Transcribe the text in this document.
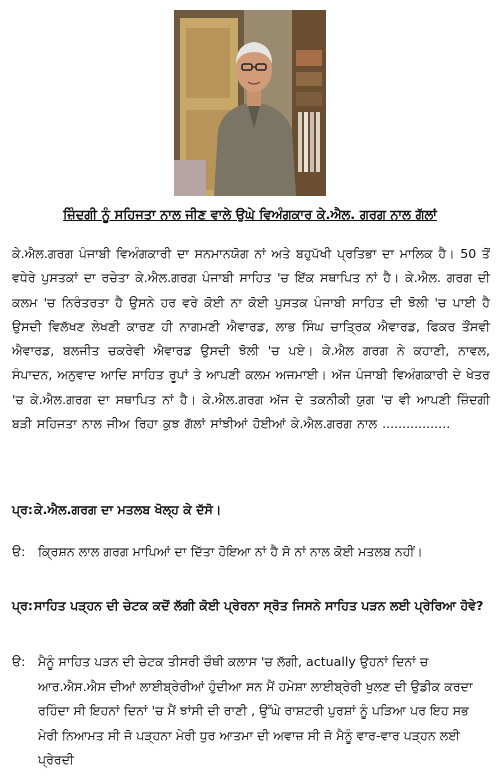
ਜ਼ਿੰਦਗੀ ਨੂੰ ਸਹਿਜਤਾ ਨਾਲ ਜੀਣ ਵਾਲੇ ਉਘੇ ਵਿਅੰਗਕਾਰ ਕੇ.ਐਲ. ਗਰਗ ਨਾਲ ਗੱਲਾਂ
ਕੇ.ਐਲ.ਗਰਗ ਪੰਜਾਬੀ ਵਿਅੰਗਕਾਰੀ ਦਾ ਸਨਮਾਨਯੋਗ ਨਾਂ ਅਤੇ ਬਹੁਪੱਖੀ ਪ੍ਰਤਿਭਾ ਦਾ ਮਾਲਿਕ ਹੈ। 50 ਤੋਂ ਵਧੇਰੇ ਪੁਸਤਕਾਂ ਦਾ ਰਚੇਤਾ ਕੇ.ਐਲ.ਗਰਗ ਪੰਜਾਬੀ ਸਾਹਿਤ 'ਚ ਇੱਕ ਸਥਾਪਿਤ ਨਾਂ ਹੈ। ਕੇ.ਐਲ. ਗਰਗ ਦੀ ਕਲਮ 'ਚ ਨਿਰੰਤਰਤਾ ਹੈ ਉਸਨੇ ਹਰ ਵਰੇ ਕੋਈ ਨਾ ਕੋਈ ਪੁਸਤਕ ਪੰਜਾਬੀ ਸਾਹਿਤ ਦੀ ਝੋਲੀ 'ਚ ਪਾਈ ਹੈ ਉਸਦੀ ਵਿਲੱਖਣ ਲੇਖਣੀ ਕਾਰਣ ਹੀ ਨਾਗਮਣੀ ਐਵਾਰਡ, ਲਾਭ ਸਿੰਘ ਚਾਤ੍ਰਿਕ ਐਵਾਰਡ, ਫਿਕਰ ਤੌਂਸਵੀ ਐਵਾਰਡ, ਬਲਜੀਤ ਚਕਰੇਵੀ ਐਵਾਰਡ ਉਸਦੀ ਝੋਲੀ 'ਚ ਪਏ। ਕੇ.ਐਲ ਗਰਗ ਨੇ ਕਹਾਣੀ, ਨਾਵਲ, ਸੰਪਾਦਨ, ਅਨੁਵਾਦ ਆਦਿ ਸਾਹਿਤ ਰੂਪਾਂ ਤੇ ਆਪਣੀ ਕਲਮ ਅਜਮਾਈ। ਅੱਜ ਪੰਜਾਬੀ ਵਿਅੰਗਕਾਰੀ ਦੇ ਖੇਤਰ 'ਚ ਕੇ.ਐਲ.ਗਰਗ ਦਾ ਸਥਾਪਿਤ ਨਾਂ ਹੈ। ਕੇ.ਐਲ.ਗਰਗ ਅੱਜ ਦੇ ਤਕਨੀਕੀ ਯੁਗ 'ਚ ਵੀ ਆਪਣੀ ਜ਼ਿੰਦਗੀ ਬੜੀ ਸਹਿਜਤਾ ਨਾਲ ਜੀਅ ਰਿਹਾ ਕੁਝ ਗੱਲਾਂ ਸਾਂਝੀਆਂ ਹੋਈਆਂ ਕੇ.ਐਲ.ਗਰਗ ਨਾਲ .................
ਪ੍ਰ: ਕੇ.ਐਲ.ਗਰਗ ਦਾ ਮਤਲਬ ਖੋਲ੍ਹ ਕੇ ਦੱਸੋ।
ੳ: ਕ੍ਰਿਸ਼ਨ ਲਾਲ ਗਰਗ ਮਾਪਿਆਂ ਦਾ ਦਿੱਤਾ ਹੋਇਆ ਨਾਂ ਹੈ ਸੋ ਨਾਂ ਨਾਲ ਕੋਈ ਮਤਲਬ ਨਹੀਂ।
ਪ੍ਰ: ਸਾਹਿਤ ਪੜ੍ਹਨ ਦੀ ਚੇਟਕ ਕਦੋਂ ਲੱਗੀ ਕੋਈ ਪ੍ਰੇਰਨਾ ਸ੍ਰੋਤ ਜਿਸਨੇ ਸਾਹਿਤ ਪੜਨ ਲਈ ਪ੍ਰੇਰਿਆ ਹੋਵੇ?
ੳ: ਮੈਨੂੰ ਸਾਹਿਤ ਪੜਨ ਦੀ ਚੇਟਕ ਤੀਸਰੀ ਚੌਥੀ ਕਲਾਸ 'ਚ ਲੱਗੀ, actually ਉਹਨਾਂ ਦਿਨਾਂ ਚ ਆਰ.ਐਸ.ਐਸ ਦੀਆਂ ਲਾਈਬ੍ਰੇਰੀਆਂ ਹੁੰਦੀਆ ਸਨ ਮੈਂ ਹਮੇਸ਼ਾ ਲਾਈਬ੍ਰੇਰੀ ਖੁਲਣ ਦੀ ਉਡੀਕ ਕਰਦਾ ਰਹਿੰਦਾ ਸੀ ਇਹਨਾਂ ਦਿਨਾਂ 'ਚ ਮੈਂ ਝਾਂਸੀ ਦੀ ਰਾਣੀ , ਉੱਘੇ ਰਾਸ਼ਟਰੀ ਪੁਰਸ਼ਾਂ ਨੂੰ ਪੜਿਆ ਪਰ ਇਹ ਸਭ ਮੇਰੀ ਨਿਆਮਤ ਸੀ ਜੋ ਪੜ੍ਹਨਾ ਮੇਰੀ ਧੁਰ ਆਤਮਾ ਦੀ ਅਵਾਜ਼ ਸੀ ਜੋ ਮੈਨੂੰ ਵਾਰ-ਵਾਰ ਪੜ੍ਹਨ ਲਈ ਪ੍ਰੇਰਦੀ
